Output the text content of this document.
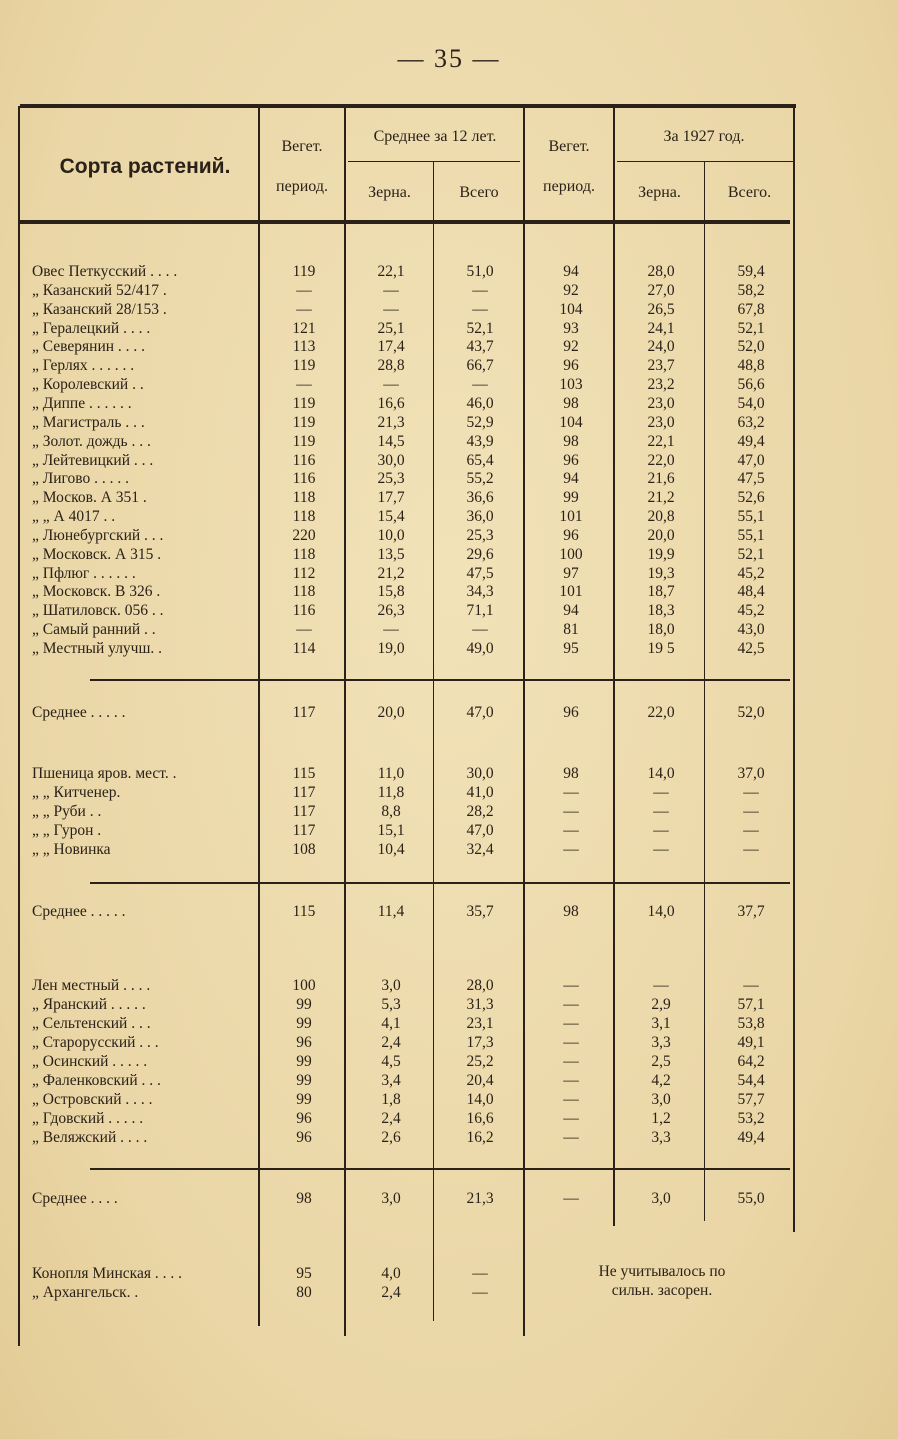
— 35 —
Сорта растений.
Вегет.
период.
Среднее за 12 лет.
Зерна.	Всего
Вегет.
период.
За 1927 год.
Зерна.	Всего.
Овес Петкусский . . . .	119	22,1	51,0	94	28,0	59,4
„ Казанский 52/417 .	—	—	—	92	27,0	58,2
„ Казанский 28/153 .	—	—	—	104	26,5	67,8
„ Гералецкий . . . .	121	25,1	52,1	93	24,1	52,1
„ Северянин . . . .	113	17,4	43,7	92	24,0	52,0
„ Герлях . . . . . .	119	28,8	66,7	96	23,7	48,8
„ Королевский . .	—	—	—	103	23,2	56,6
„ Диппе . . . . . .	119	16,6	46,0	98	23,0	54,0
„ Магистраль . . .	119	21,3	52,9	104	23,0	63,2
„ Золот. дождь . . .	119	14,5	43,9	98	22,1	49,4
„ Лейтевицкий . . .	116	30,0	65,4	96	22,0	47,0
„ Лигово . . . . .	116	25,3	55,2	94	21,6	47,5
„ Москов. А 351 .	118	17,7	36,6	99	21,2	52,6
„ „ А 4017 . .	118	15,4	36,0	101	20,8	55,1
„ Люнебургский . . .	220	10,0	25,3	96	20,0	55,1
„ Московск. А 315 .	118	13,5	29,6	100	19,9	52,1
„ Пфлюг . . . . . .	112	21,2	47,5	97	19,3	45,2
„ Московск. В 326 .	118	15,8	34,3	101	18,7	48,4
„ Шатиловск. 056 . .	116	26,3	71,1	94	18,3	45,2
„ Самый ранний . .	—	—	—	81	18,0	43,0
„ Местный улучш. .	114	19,0	49,0	95	19 5	42,5
Среднее . . . . .	117	20,0	47,0	96	22,0	52,0
Пшеница яров. мест. .	115	11,0	30,0	98	14,0	37,0
„ „ Китченер.	117	11,8	41,0	—	—	—
„ „ Руби . .	117	8,8	28,2	—	—	—
„ „ Гурон .	117	15,1	47,0	—	—	—
„ „ Новинка	108	10,4	32,4	—	—	—
Среднее . . . . .	115	11,4	35,7	98	14,0	37,7
Лен местный . . . .	100	3,0	28,0	—	—	—
„ Яранский . . . . .	99	5,3	31,3	—	2,9	57,1
„ Сельтенский . . .	99	4,1	23,1	—	3,1	53,8
„ Старорусский . . .	96	2,4	17,3	—	3,3	49,1
„ Осинский . . . . .	99	4,5	25,2	—	2,5	64,2
„ Фаленковский . . .	99	3,4	20,4	—	4,2	54,4
„ Островский . . . .	99	1,8	14,0	—	3,0	57,7
„ Гдовский . . . . .	96	2,4	16,6	—	1,2	53,2
„ Веляжский . . . .	96	2,6	16,2	—	3,3	49,4
Среднее . . . .	98	3,0	21,3	—	3,0	55,0
Конопля Минская . . . .	95	4,0	—
„ Архангельск. .	80	2,4	—
Не учитывалось по
сильн. засорен.
